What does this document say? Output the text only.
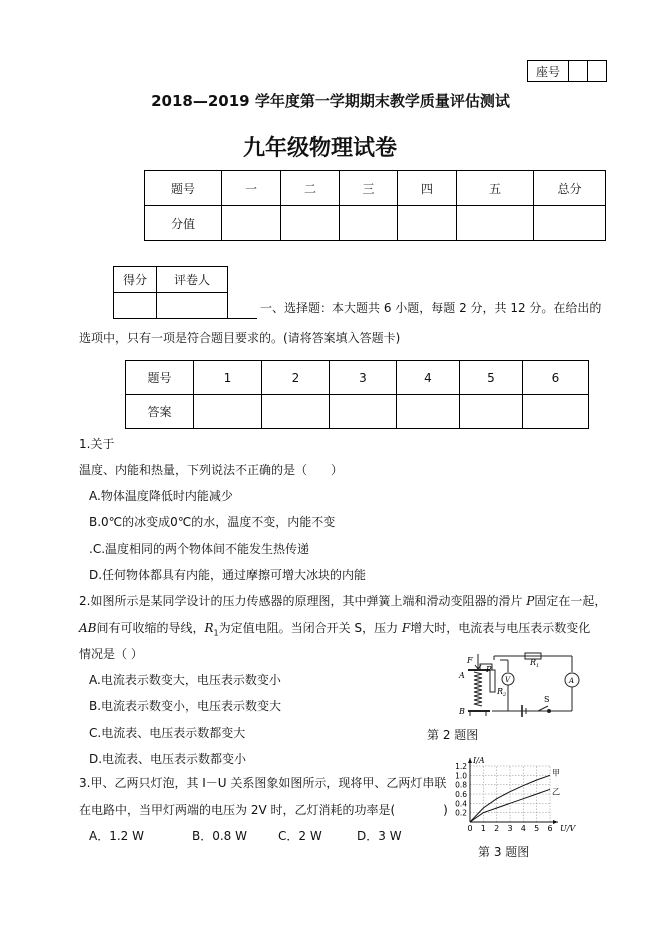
座号		
2018—2019 学年度第一学期期末教学质量评估测试
九年级物理试卷
题号	一	二	三	四	五	总分
分值						
得分	评卷人

一、选择题：本大题共 6 小题，每题 2 分，共 12 分。在给出的
选项中，只有一项是符合题目要求的。(请将答案填入答题卡)
题号	1	2	3	4	5	6
答案						
1.关于
温度、内能和热量，下列说法不正确的是（　　）
A.物体温度降低时内能减少
B.0℃的冰变成0℃的水，温度不变，内能不变
.C.温度相同的两个物体间不能发生热传递
D.任何物体都具有内能，通过摩擦可增大冰块的内能
2.如图所示是某同学设计的压力传感器的原理图，其中弹簧上端和滑动变阻器的滑片 P固定在一起，
AB间有可收缩的导线，$R_1$为定值电阻。当闭合开关 S，压力 F增大时，电流表与电压表示数变化
情况是（ ）
A.电流表示数变大，电压表示数变小
B.电流表示数变小，电压表示数变大
C.电流表、电压表示数都变大
D.电流表、电压表示数都变小
F
A
B
P
$R_1$
$R_2$
V	A
S
第 2 题图
3.甲、乙两只灯泡，其 I－U 关系图象如图所示，现将甲、乙两灯串联
在电路中，当甲灯两端的电压为 2V 时，乙灯消耗的功率是(　　　　)
A．1.2 W	B．0.8 W	C．2 W	D．3 W
0 1 2 3 4 5 6
0.2
0.4
0.6
0.8
1.0
1.2
U/V
I/A
甲
乙
第 3 题图
